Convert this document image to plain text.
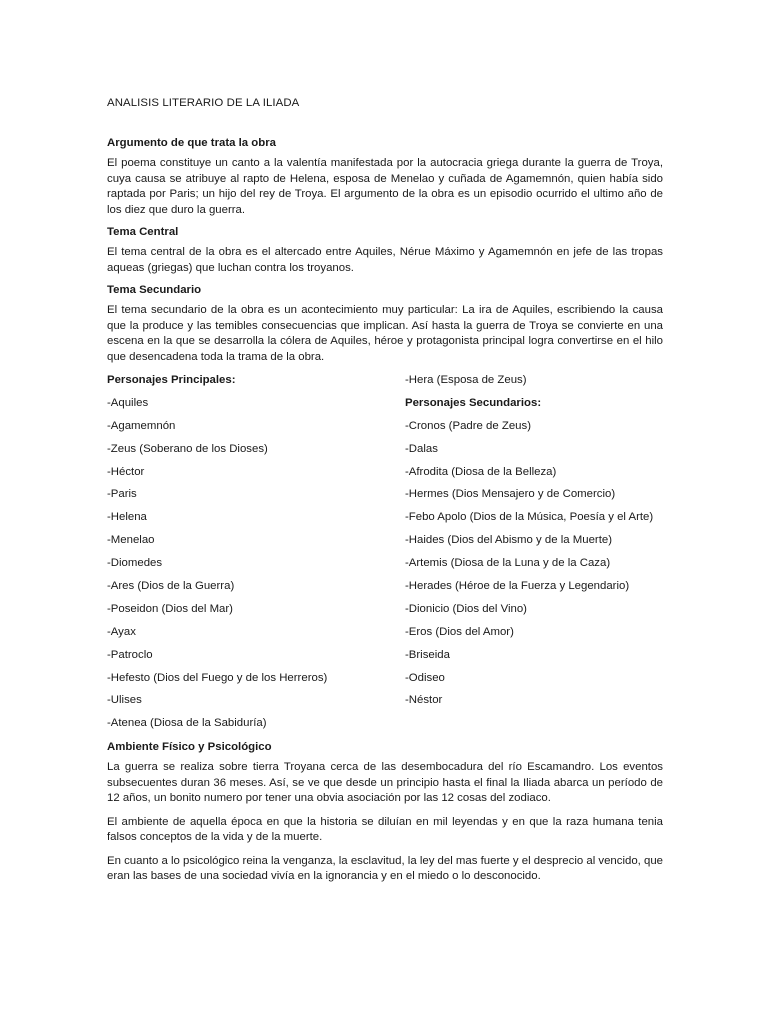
ANALISIS LITERARIO DE LA ILIADA
Argumento de que trata la obra

El poema constituye un canto a la valentía manifestada por la autocracia griega durante la guerra de Troya, cuya causa se atribuye al rapto de Helena, esposa de Menelao y cuñada de Agamemnón, quien había sido raptada por Paris; un hijo del rey de Troya. El argumento de la obra es un episodio ocurrido el ultimo año de los diez que duro la guerra.

Tema Central

El tema central de la obra es el altercado entre Aquiles, Nérue Máximo y Agamemnón en jefe de las tropas aqueas (griegas) que luchan contra los troyanos.

Tema Secundario

El tema secundario de la obra es un acontecimiento muy particular: La ira de Aquiles, escribiendo la causa que la produce y las temibles consecuencias que implican. Así hasta la guerra de Troya se convierte en una escena en la que se desarrolla la cólera de Aquiles, héroe y protagonista principal logra convertirse en el hilo que desencadena toda la trama de la obra.

Personajes Principales:
-Aquiles
-Agamemnón
-Zeus (Soberano de los Dioses)
-Héctor
-Paris
-Helena
-Menelao
-Diomedes
-Ares (Dios de la Guerra)
-Poseidon (Dios del Mar)
-Ayax
-Patroclo
-Hefesto (Dios del Fuego y de los Herreros)
-Ulises
-Atenea (Diosa de la Sabiduría)
-Hera (Esposa de Zeus)
Personajes Secundarios:
-Cronos (Padre de Zeus)
-Dalas
-Afrodita (Diosa de la Belleza)
-Hermes (Dios Mensajero y de Comercio)
-Febo Apolo (Dios de la Música, Poesía y el Arte)
-Haides (Dios del Abismo y de la Muerte)
-Artemis (Diosa de la Luna y de la Caza)
-Herades (Héroe de la Fuerza y Legendario)
-Dionicio (Dios del Vino)
-Eros (Dios del Amor)
-Briseida
-Odiseo
-Néstor
Ambiente Físico y Psicológico

La guerra se realiza sobre tierra Troyana cerca de las desembocadura del río Escamandro. Los eventos subsecuentes duran 36 meses. Así, se ve que desde un principio hasta el final la Iliada abarca un período de 12 años, un bonito numero por tener una obvia asociación por las 12 cosas del zodiaco.

El ambiente de aquella época en que la historia se diluían en mil leyendas y en que la raza humana tenia falsos conceptos de la vida y de la muerte.

En cuanto a lo psicológico reina la venganza, la esclavitud, la ley del mas fuerte y el desprecio al vencido, que eran las bases de una sociedad vivía en la ignorancia y en el miedo o lo desconocido.
